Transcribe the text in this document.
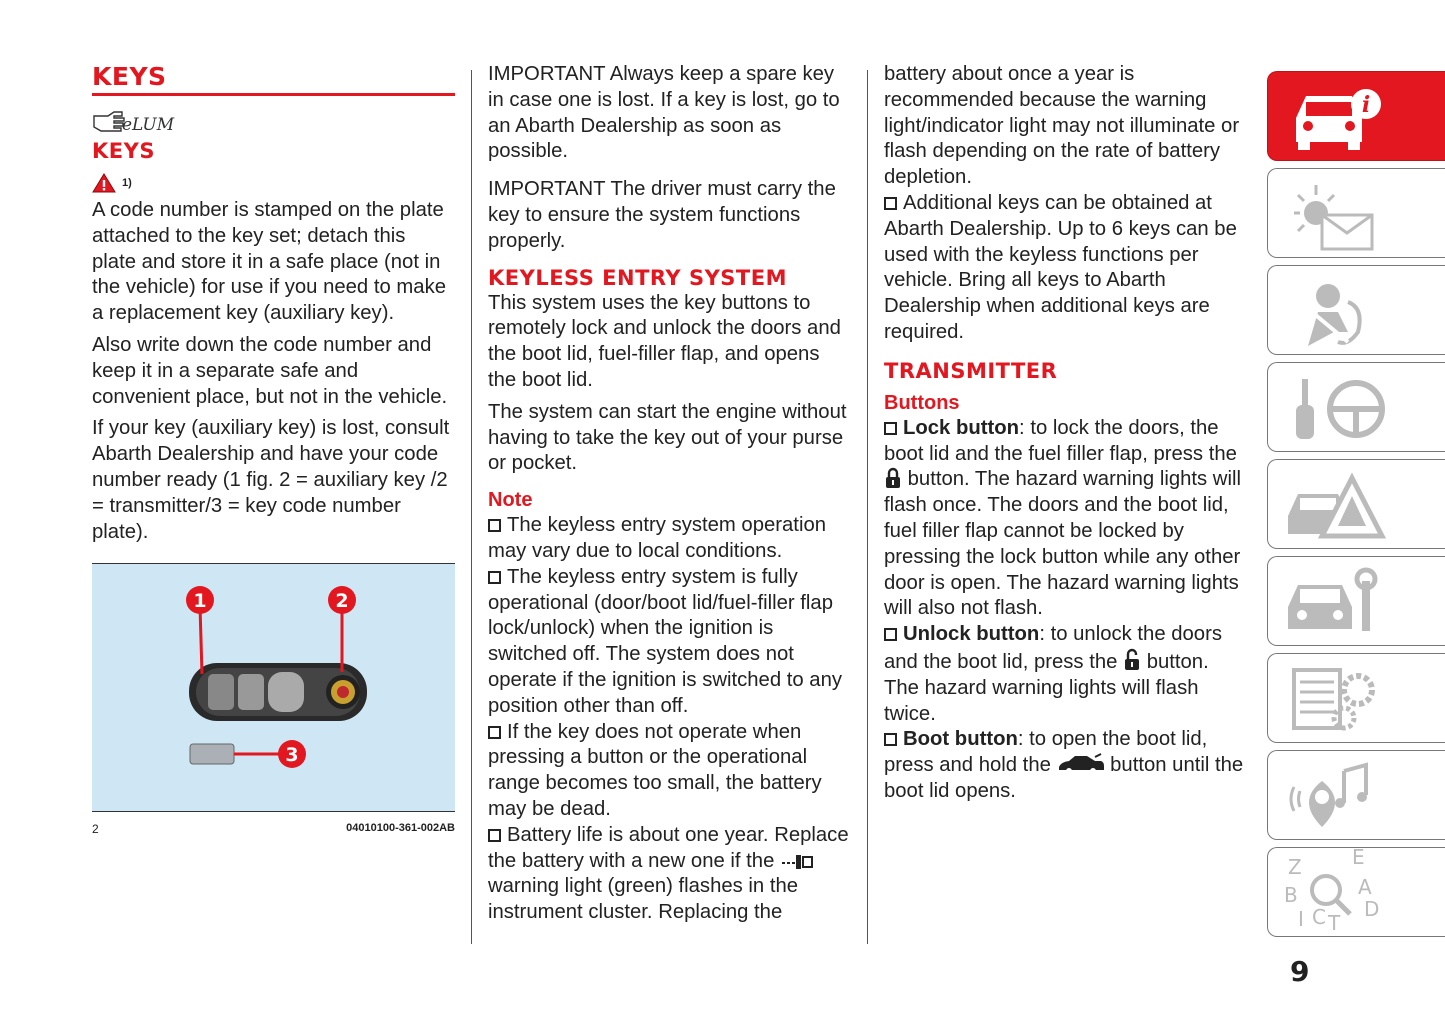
KEYS
eLUM
KEYS
1)

A code number is stamped on the plate attached to the key set; detach this plate and store it in a safe place (not in the vehicle) for use if you need to make a replacement key (auxiliary key).

Also write down the code number and keep it in a separate safe and convenient place, but not in the vehicle.

If your key (auxiliary key) is lost, consult Abarth Dealership and have your code number ready (1 fig. 2 = auxiliary key /2 = transmitter/3 = key code number plate).

1	2
3
2	04010100-361-002AB

IMPORTANT Always keep a spare key in case one is lost. If a key is lost, go to an Abarth Dealership as soon as possible.

IMPORTANT The driver must carry the key to ensure the system functions properly.

KEYLESS ENTRY SYSTEM

This system uses the key buttons to remotely lock and unlock the doors and the boot lid, fuel-filler flap, and opens the boot lid.

The system can start the engine without having to take the key out of your purse or pocket.

Note

The keyless entry system operation may vary due to local conditions.

The keyless entry system is fully operational (door/boot lid/fuel-filler flap lock/unlock) when the ignition is switched off. The system does not operate if the ignition is switched to any position other than off.

If the key does not operate when pressing a button or the operational range becomes too small, the battery may be dead.

Battery life is about one year. Replace the battery with a new one if the warning light (green) flashes in the instrument cluster. Replacing the

battery about once a year is recommended because the warning light/indicator light may not illuminate or flash depending on the rate of battery depletion.

Additional keys can be obtained at Abarth Dealership. Up to 6 keys can be used with the keyless functions per vehicle. Bring all keys to Abarth Dealership when additional keys are required.

TRANSMITTER
Buttons

Lock button: to lock the doors, the boot lid and the fuel filler flap, press the  button. The hazard warning lights will flash once. The doors and the boot lid, fuel filler flap cannot be locked by pressing the lock button while any other door is open. The hazard warning lights will also not flash.

Unlock button: to unlock the doors and the boot lid, press the button. The hazard warning lights will flash twice.

Boot button: to open the boot lid, press and hold the	button until the boot lid opens.

i
Z	E
A
B
I C T
D
9
